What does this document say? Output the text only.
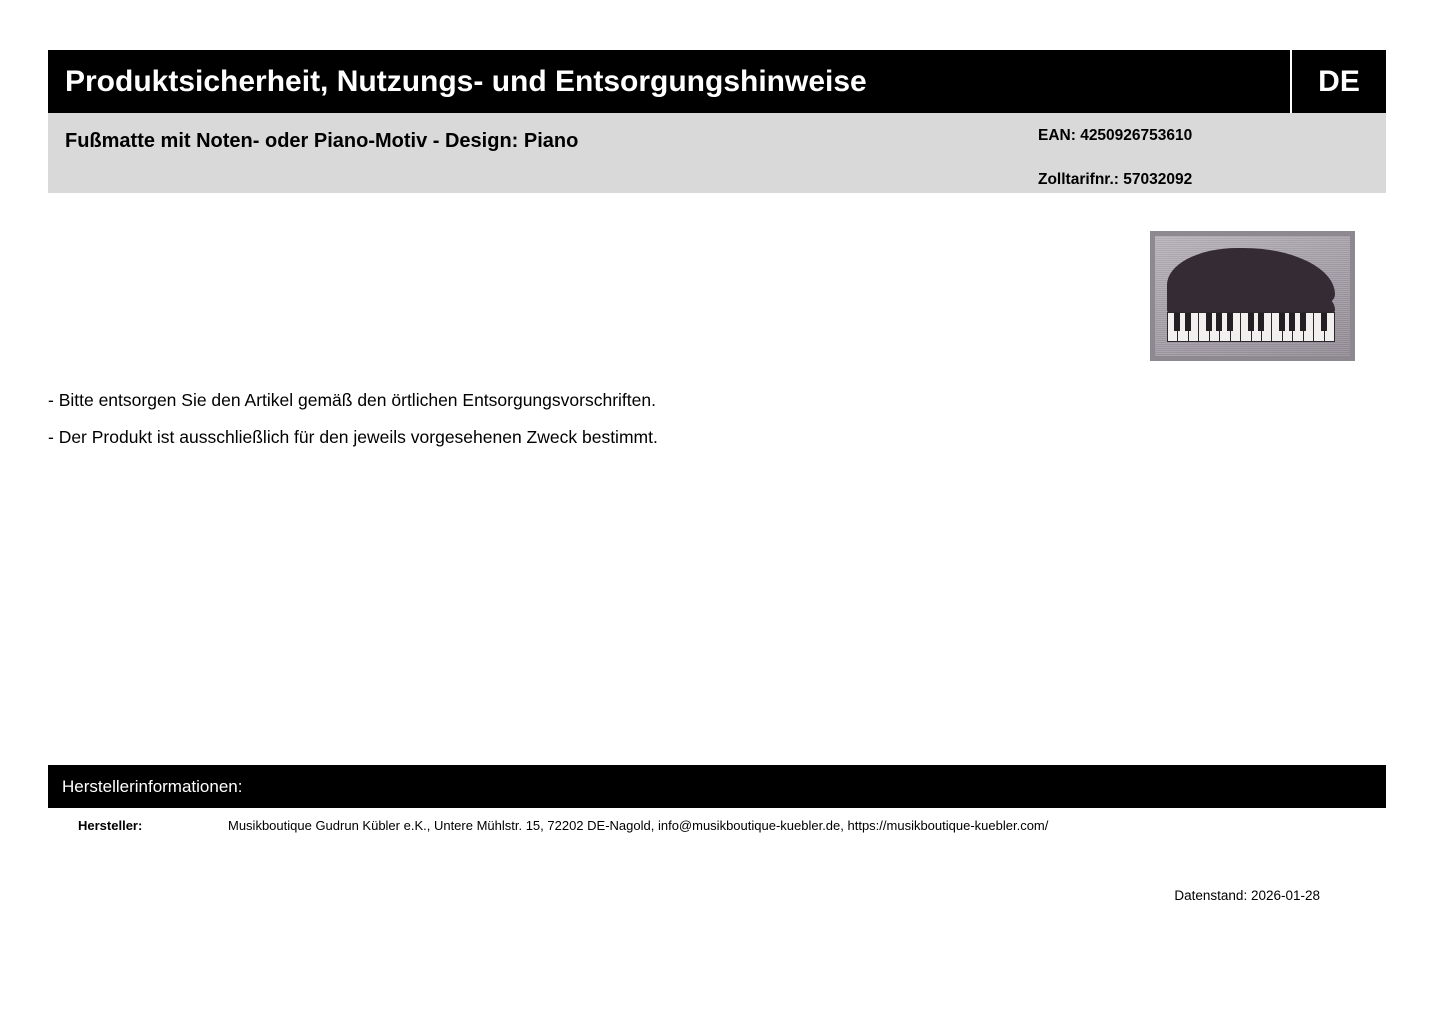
Produktsicherheit, Nutzungs- und Entsorgungshinweise	DE
Fußmatte mit Noten- oder Piano-Motiv - Design: Piano	EAN: 4250926753610
Zolltarifnr.: 57032092
- Bitte entsorgen Sie den Artikel gemäß den örtlichen Entsorgungsvorschriften.
- Der Produkt ist ausschließlich für den jeweils vorgesehenen Zweck bestimmt.
Herstellerinformationen:
Hersteller:	Musikboutique Gudrun Kübler e.K., Untere Mühlstr. 15, 72202 DE-Nagold, info@musikboutique-kuebler.de, https://musikboutique-kuebler.com/
Datenstand: 2026-01-28
